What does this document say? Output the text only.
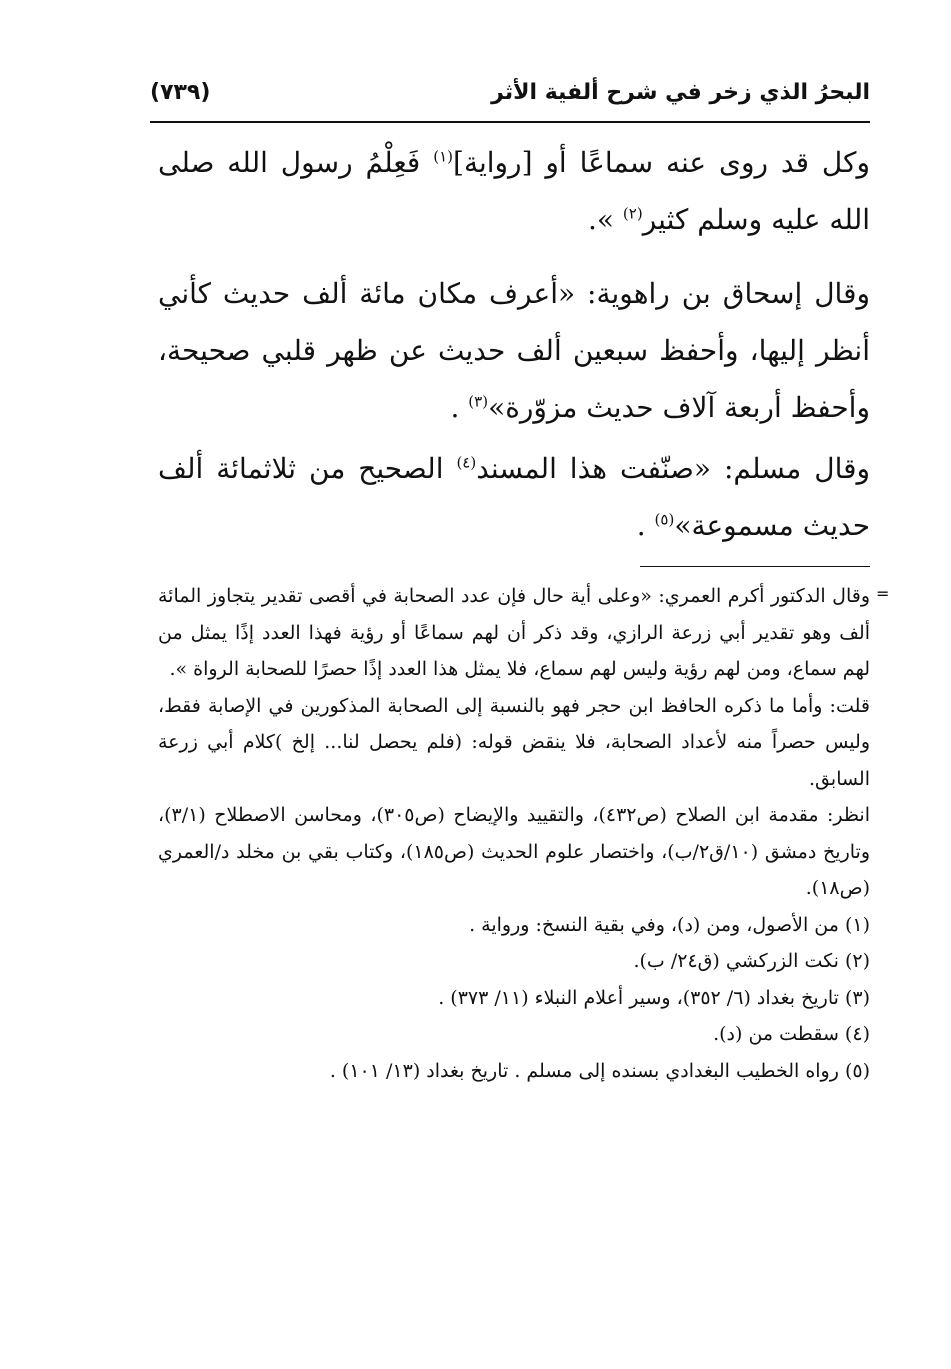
البحرُ الذي زخر في شرح ألفية الأثر
(٧٣٩)

وكل قد روى عنه سماعًا أو [رواية]$^{(١)}$ فَعِلْمُ رسول الله صلى الله عليه وسلم كثير$^{(٢)}$ ».

وقال إسحاق بن راهوية: «أعرف مكان مائة ألف حديث كأني أنظر إليها، وأحفظ سبعين ألف حديث عن ظهر قلبي صحيحة، وأحفظ أربعة آلاف حديث مزوّرة»$^{(٣)}$ .

وقال مسلم: «صنّفت هذا المسند$^{(٤)}$ الصحيح من ثلاثمائة ألف حديث مسموعة»$^{(٥)}$ .

=

وقال الدكتور أكرم العمري: «وعلى أية حال فإن عدد الصحابة في أقصى تقدير يتجاوز المائة ألف وهو تقدير أبي زرعة الرازي، وقد ذكر أن لهم سماعًا أو رؤية فهذا العدد إذًا يمثل من لهم سماع، ومن لهم رؤية وليس لهم سماع، فلا يمثل هذا العدد إذًا حصرًا للصحابة الرواة ».

قلت: وأما ما ذكره الحافظ ابن حجر فهو بالنسبة إلى الصحابة المذكورين في الإصابة فقط، وليس حصراً منه لأعداد الصحابة، فلا ينقض قوله: (فلم يحصل لنا... إلخ )كلام أبي زرعة السابق.

انظر: مقدمة ابن الصلاح (ص٤٣٢)، والتقييد والإيضاح (ص٣٠٥)، ومحاسن الاصطلاح (٣/١)، وتاريخ دمشق (١٠/ق٢/ب)، واختصار علوم الحديث (ص١٨٥)، وكتاب بقي بن مخلد د/العمري (ص١٨).

(١) من الأصول، ومن (د)، وفي بقية النسخ: ورواية .

(٢) نكت الزركشي (ق٢٤/ ب).

(٣) تاريخ بغداد (٦/ ٣٥٢)، وسير أعلام النبلاء (١١/ ٣٧٣) .

(٤) سقطت من (د).

(٥) رواه الخطيب البغدادي بسنده إلى مسلم . تاريخ بغداد (١٣/ ١٠١) .
